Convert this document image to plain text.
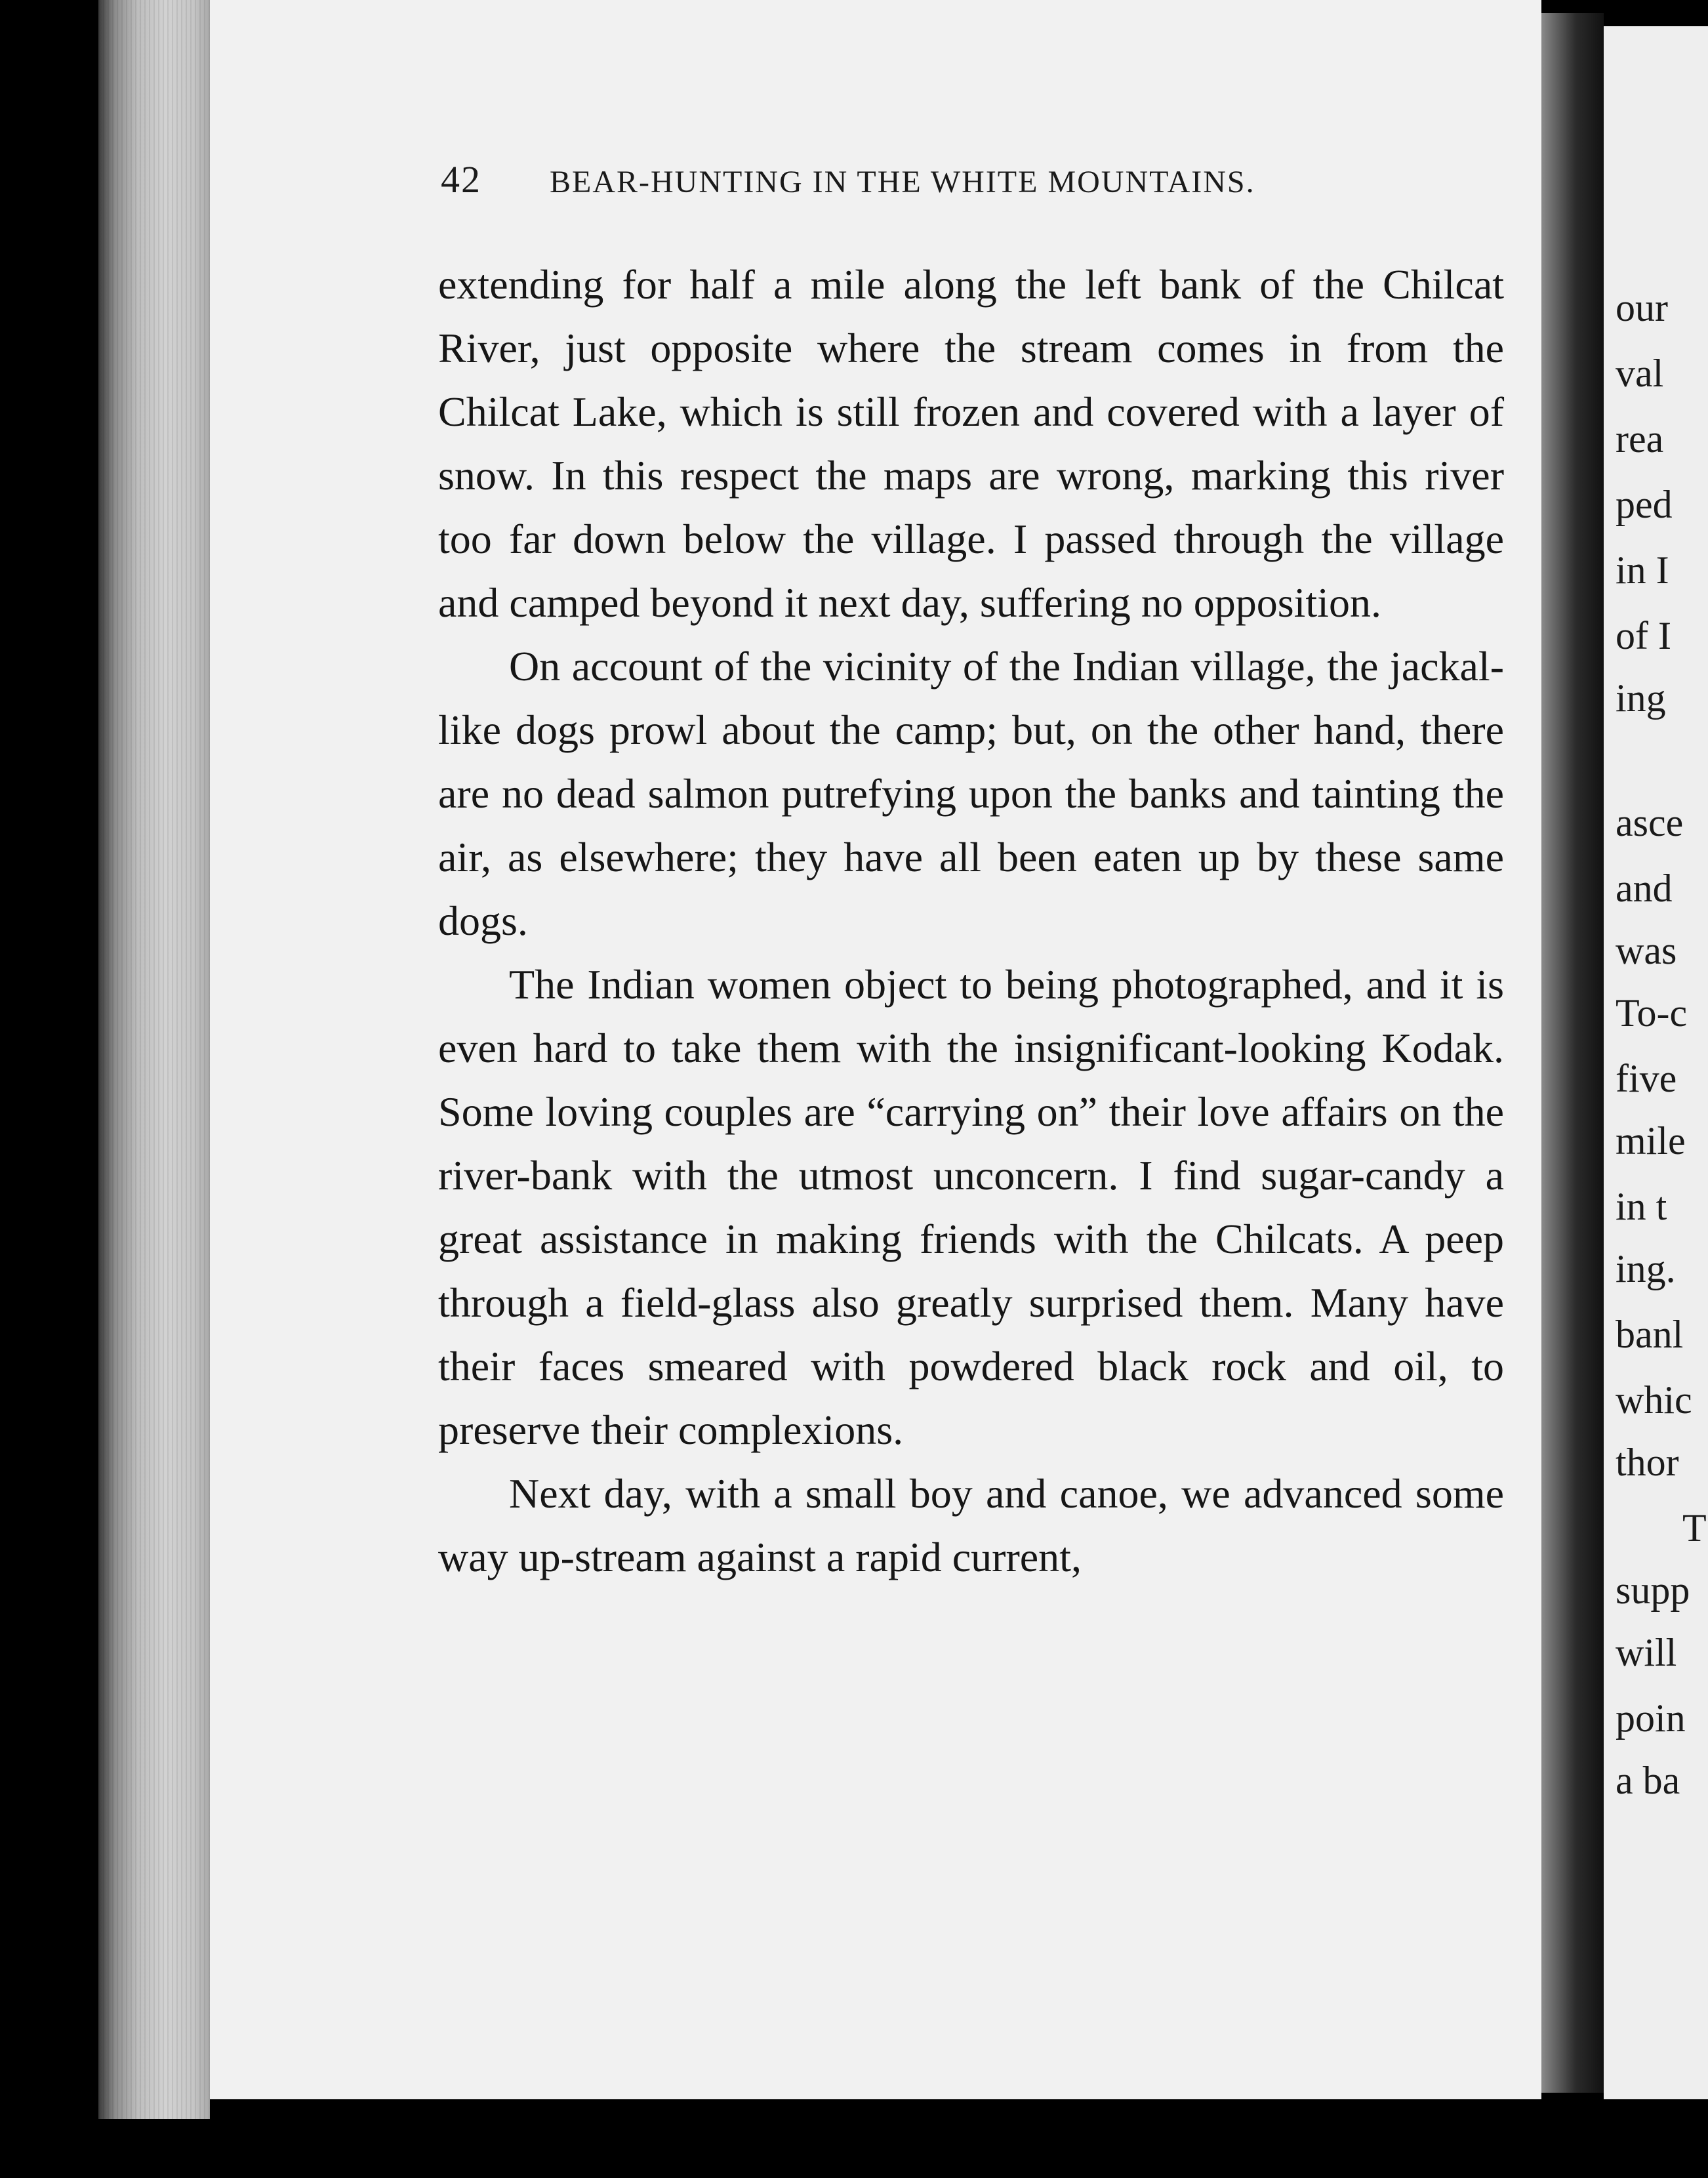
42 BEAR-HUNTING IN THE WHITE MOUNTAINS.

extending for half a mile along the left bank of the Chilcat River, just opposite where the stream comes in from the Chilcat Lake, which is still frozen and covered with a layer of snow. In this respect the maps are wrong, marking this river too far down below the village. I passed through the village and camped beyond it next day, suffering no opposition.

On account of the vicinity of the Indian village, the jackal-like dogs prowl about the camp; but, on the other hand, there are no dead salmon putrefying upon the banks and tainting the air, as elsewhere; they have all been eaten up by these same dogs.

The Indian women object to being photographed, and it is even hard to take them with the insignificant-looking Kodak. Some loving couples are “carrying on” their love affairs on the river-bank with the utmost unconcern. I find sugar-candy a great assistance in making friends with the Chilcats. A peep through a field-glass also greatly surprised them. Many have their faces smeared with powdered black rock and oil, to preserve their complexions.

Next day, with a small boy and canoe, we advanced some way up-stream against a rapid current,

our
val
rea
ped
in I
of I
ing
asce
and
was
To-c
five
mile
in t
ing.
banl
whic
thor
T
supp
will
poin
a ba
